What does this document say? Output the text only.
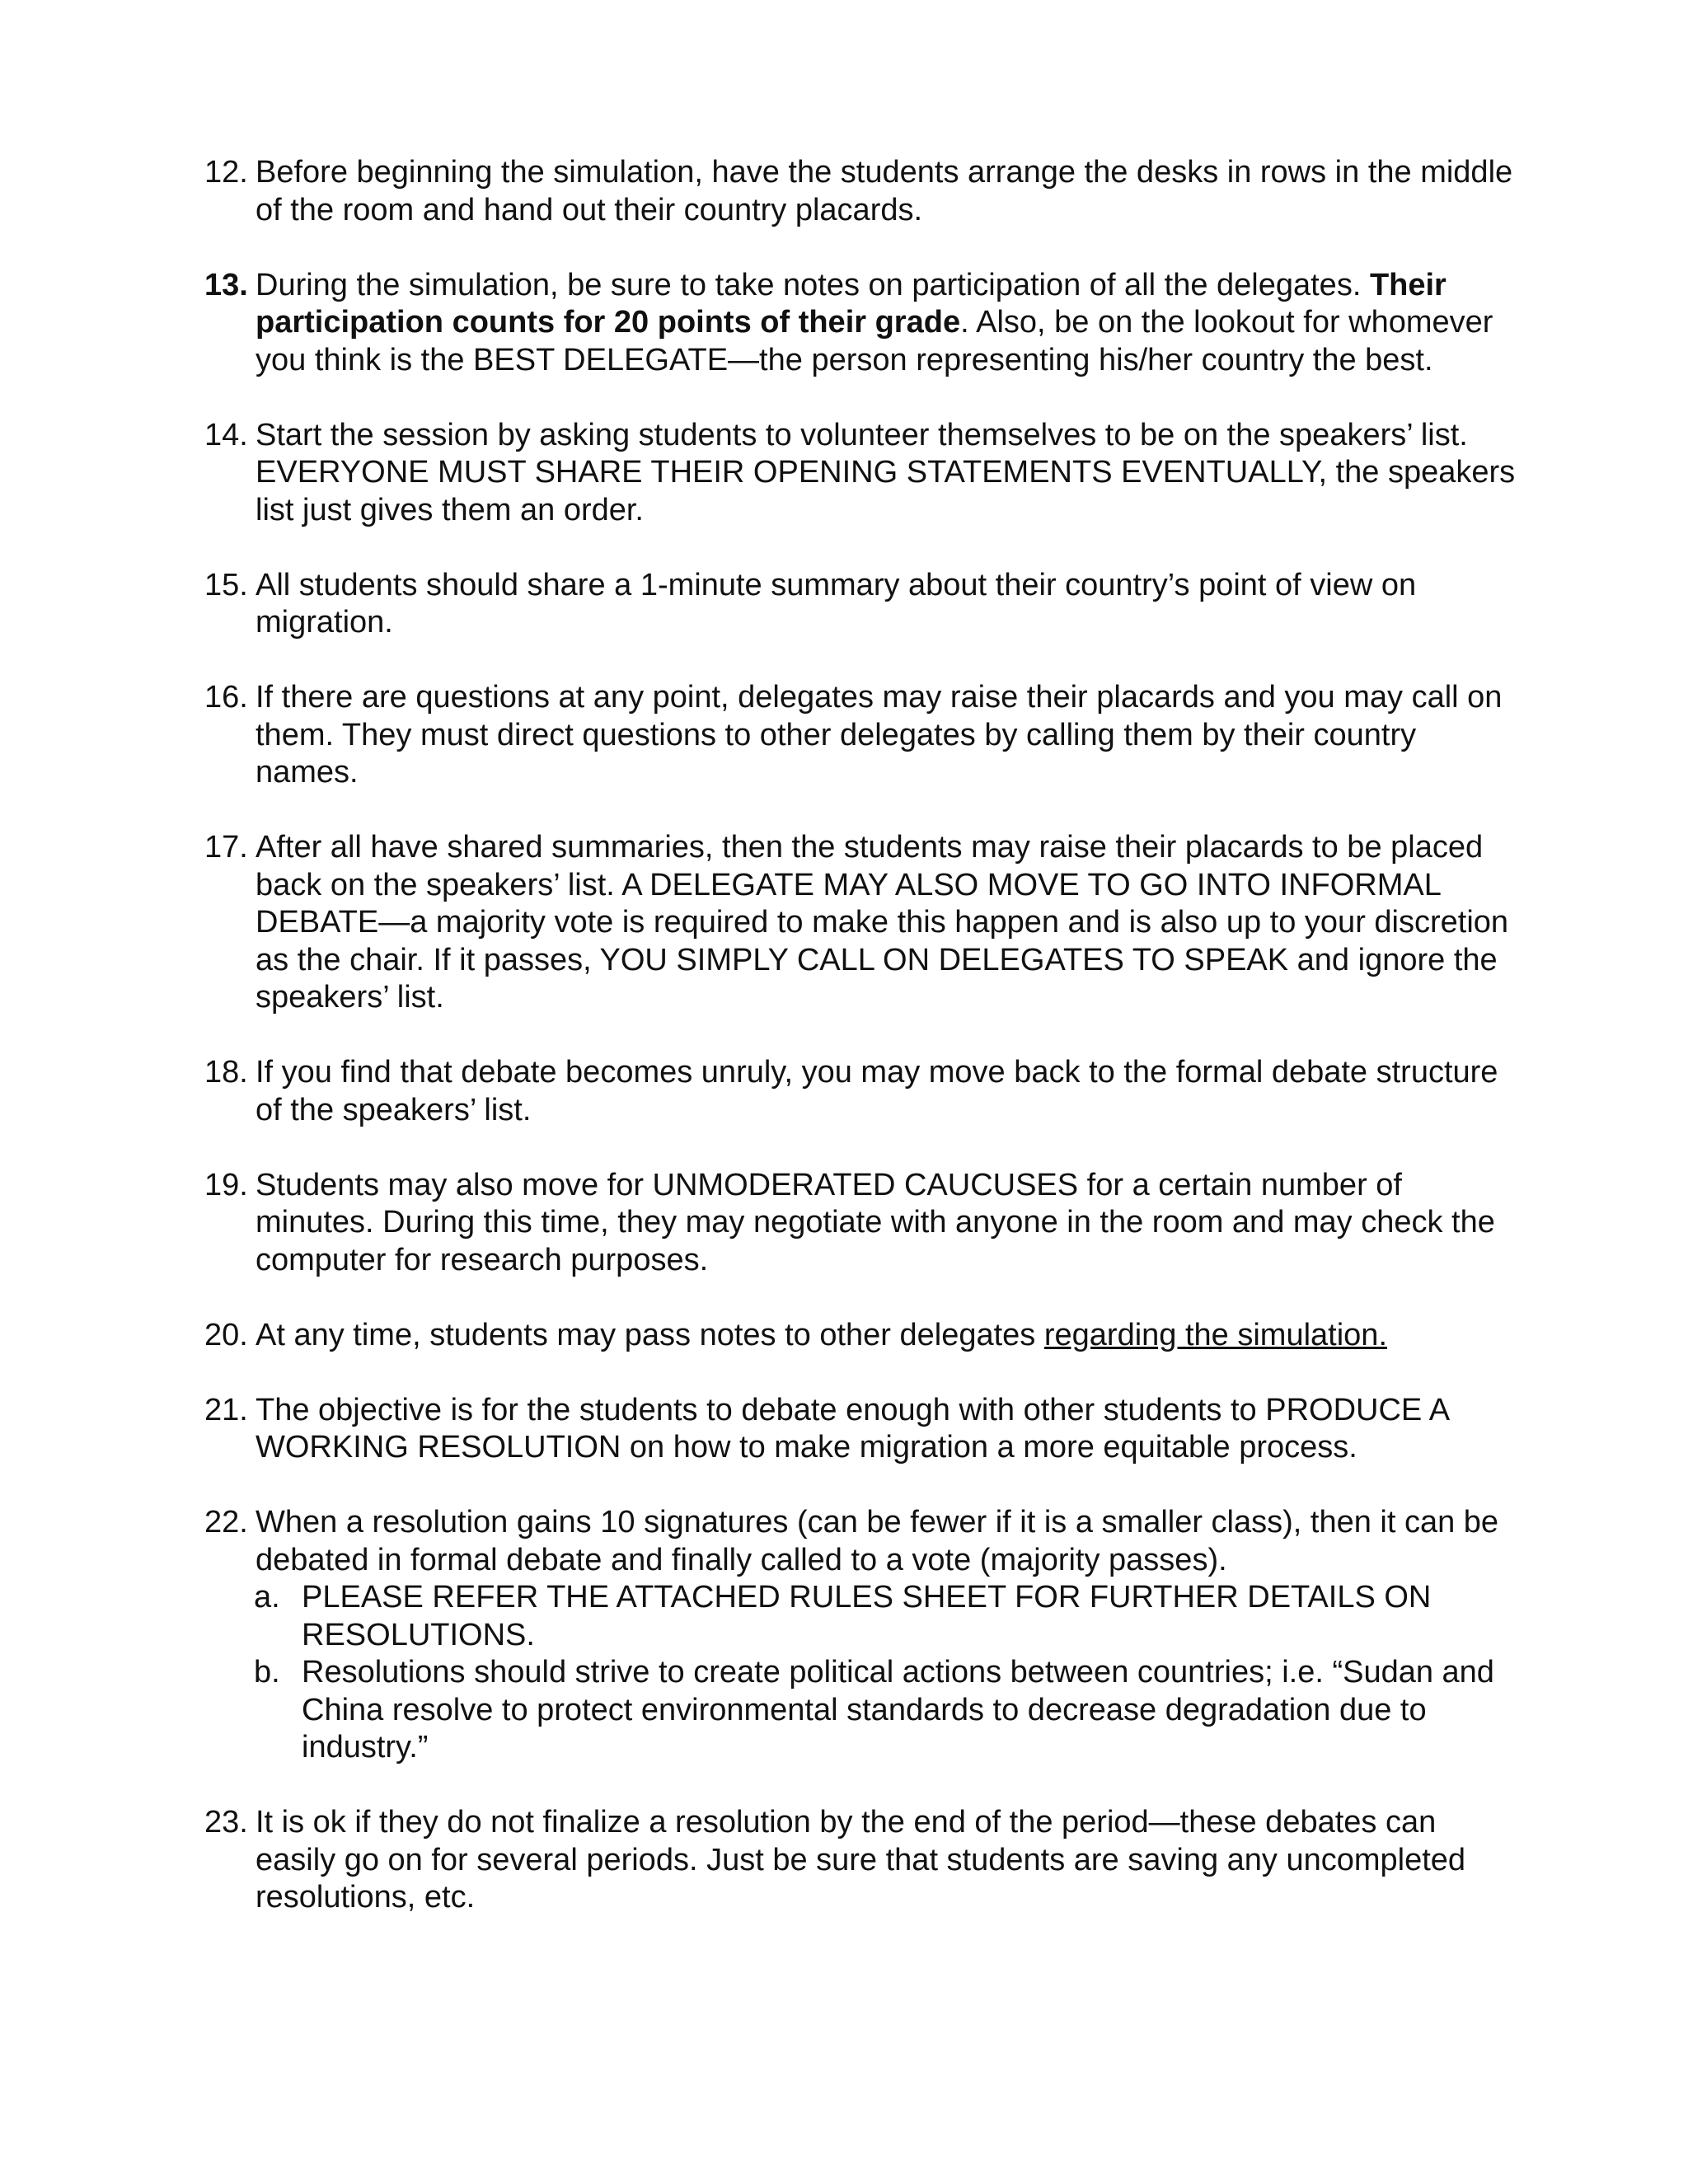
12. Before beginning the simulation, have the students arrange the desks in rows in the middle of the room and hand out their country placards.
13. During the simulation, be sure to take notes on participation of all the delegates. Their participation counts for 20 points of their grade. Also, be on the lookout for whomever you think is the BEST DELEGATE—the person representing his/her country the best.
14. Start the session by asking students to volunteer themselves to be on the speakers’ list. EVERYONE MUST SHARE THEIR OPENING STATEMENTS EVENTUALLY, the speakers list just gives them an order.
15. All students should share a 1-minute summary about their country’s point of view on migration.
16. If there are questions at any point, delegates may raise their placards and you may call on them. They must direct questions to other delegates by calling them by their country names.
17. After all have shared summaries, then the students may raise their placards to be placed back on the speakers’ list. A DELEGATE MAY ALSO MOVE TO GO INTO INFORMAL DEBATE—a majority vote is required to make this happen and is also up to your discretion as the chair. If it passes, YOU SIMPLY CALL ON DELEGATES TO SPEAK and ignore the speakers’ list.
18. If you find that debate becomes unruly, you may move back to the formal debate structure of the speakers’ list.
19. Students may also move for UNMODERATED CAUCUSES for a certain number of minutes. During this time, they may negotiate with anyone in the room and may check the computer for research purposes.
20. At any time, students may pass notes to other delegates regarding the simulation.
21. The objective is for the students to debate enough with other students to PRODUCE A WORKING RESOLUTION on how to make migration a more equitable process.
22. When a resolution gains 10 signatures (can be fewer if it is a smaller class), then it can be debated in formal debate and finally called to a vote (majority passes).
a. PLEASE REFER THE ATTACHED RULES SHEET FOR FURTHER DETAILS ON RESOLUTIONS.
b. Resolutions should strive to create political actions between countries; i.e. “Sudan and China resolve to protect environmental standards to decrease degradation due to industry.”
23. It is ok if they do not finalize a resolution by the end of the period—these debates can easily go on for several periods. Just be sure that students are saving any uncompleted resolutions, etc.
